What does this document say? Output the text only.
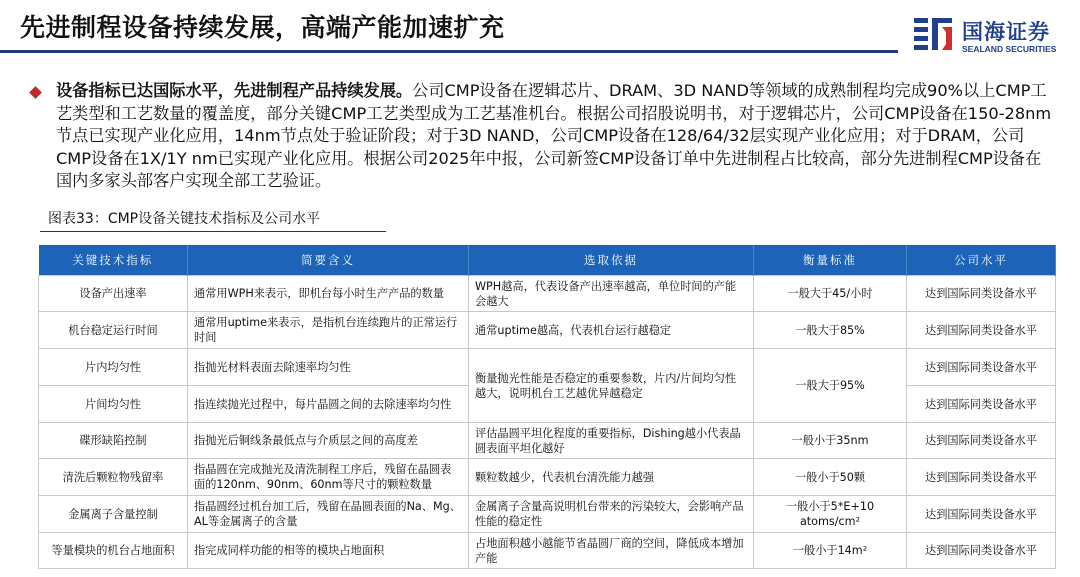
先进制程设备持续发展，高端产能加速扩充	国海证券
SEALAND SECURITIES
设备指标已达国际水平，先进制程产品持续发展。公司CMP设备在逻辑芯片、DRAM、3D NAND等领域的成熟制程均完成90%以上CMP工艺类型和工艺数量的覆盖度，部分关键CMP工艺类型成为工艺基准机台。根据公司招股说明书，对于逻辑芯片，公司CMP设备在150-28nm节点已实现产业化应用，14nm节点处于验证阶段；对于3D NAND，公司CMP设备在128/64/32层实现产业化应用；对于DRAM，公司CMP设备在1X/1Y nm已实现产业化应用。根据公司2025年中报，公司新签CMP设备订单中先进制程占比较高，部分先进制程CMP设备在国内多家头部客户实现全部工艺验证。
图表33：CMP设备关键技术指标及公司水平
关键技术指标	简要含义	选取依据	衡量标准	公司水平
设备产出速率	通常用WPH来表示，即机台每小时生产产品的数量	WPH越高，代表设备产出速率越高，单位时间的产能会越大	一般大于45/小时	达到国际同类设备水平
机台稳定运行时间	通常用uptime来表示，是指机台连续跑片的正常运行时间	通常uptime越高，代表机台运行越稳定	一般大于85%	达到国际同类设备水平
片内均匀性	指抛光材料表面去除速率均匀性	衡量抛光性能是否稳定的重要参数，片内/片间均匀性越大，说明机台工艺越优异越稳定	一般大于95%	达到国际同类设备水平
片间均匀性	指连续抛光过程中，每片晶圆之间的去除速率均匀性			达到国际同类设备水平
碟形缺陷控制	指抛光后铜线条最低点与介质层之间的高度差	评估晶圆平坦化程度的重要指标，Dishing越小代表晶圆表面平坦化越好	一般小于35nm	达到国际同类设备水平
清洗后颗粒物残留率	指晶圆在完成抛光及清洗制程工序后，残留在晶圆表面的120nm、90nm、60nm等尺寸的颗粒数量	颗粒数越少，代表机台清洗能力越强	一般小于50颗	达到国际同类设备水平
金属离子含量控制	指晶圆经过机台加工后，残留在晶圆表面的Na、Mg、AL等金属离子的含量	金属离子含量高说明机台带来的污染较大，会影响产品性能的稳定性	一般小于5*E+10 atoms/cm²	达到国际同类设备水平
等量模块的机台占地面积	指完成同样功能的相等的模块占地面积	占地面积越小越能节省晶圆厂商的空间，降低成本增加产能	一般小于14m²	达到国际同类设备水平
